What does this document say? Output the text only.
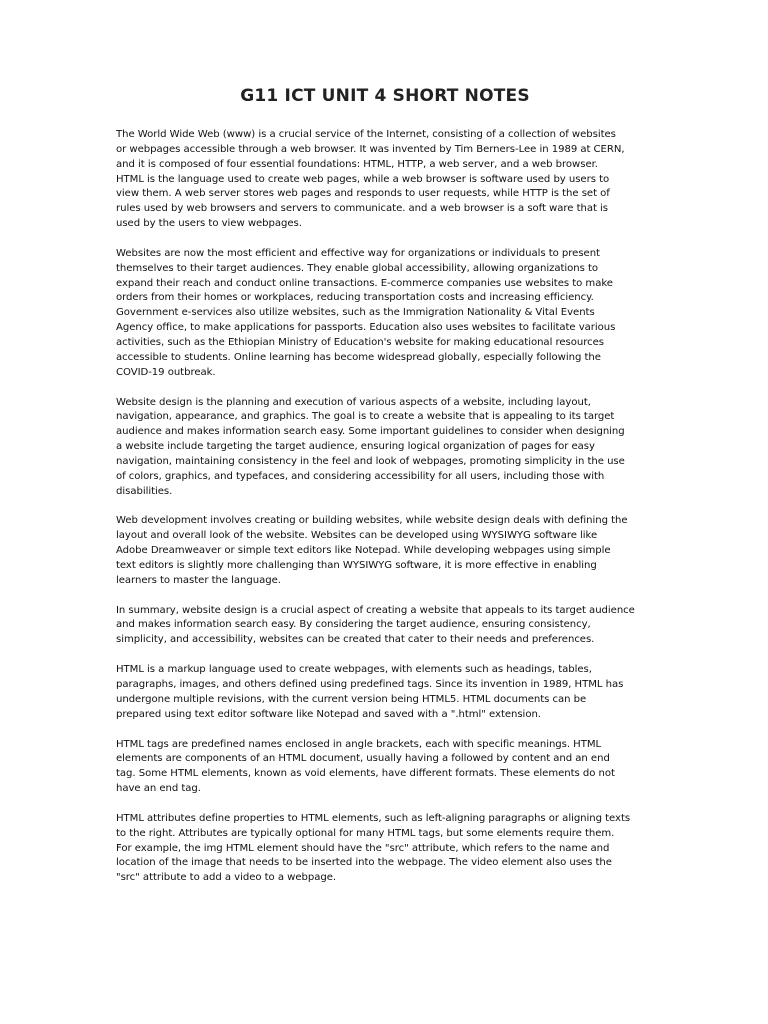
G11 ICT UNIT 4 SHORT NOTES

The World Wide Web (www) is a crucial service of the Internet, consisting of a collection of websites
or webpages accessible through a web browser. It was invented by Tim Berners-Lee in 1989 at CERN,
and it is composed of four essential foundations: HTML, HTTP, a web server, and a web browser.
HTML is the language used to create web pages, while a web browser is software used by users to
view them. A web server stores web pages and responds to user requests, while HTTP is the set of
rules used by web browsers and servers to communicate. and a web browser is a soft ware that is
used by the users to view webpages.

Websites are now the most efficient and effective way for organizations or individuals to present
themselves to their target audiences. They enable global accessibility, allowing organizations to
expand their reach and conduct online transactions. E-commerce companies use websites to make
orders from their homes or workplaces, reducing transportation costs and increasing efficiency.
Government e-services also utilize websites, such as the Immigration Nationality & Vital Events
Agency office, to make applications for passports. Education also uses websites to facilitate various
activities, such as the Ethiopian Ministry of Education's website for making educational resources
accessible to students. Online learning has become widespread globally, especially following the
COVID-19 outbreak.

Website design is the planning and execution of various aspects of a website, including layout,
navigation, appearance, and graphics. The goal is to create a website that is appealing to its target
audience and makes information search easy. Some important guidelines to consider when designing
a website include targeting the target audience, ensuring logical organization of pages for easy
navigation, maintaining consistency in the feel and look of webpages, promoting simplicity in the use
of colors, graphics, and typefaces, and considering accessibility for all users, including those with
disabilities.

Web development involves creating or building websites, while website design deals with defining the
layout and overall look of the website. Websites can be developed using WYSIWYG software like
Adobe Dreamweaver or simple text editors like Notepad. While developing webpages using simple
text editors is slightly more challenging than WYSIWYG software, it is more effective in enabling
learners to master the language.

In summary, website design is a crucial aspect of creating a website that appeals to its target audience
and makes information search easy. By considering the target audience, ensuring consistency,
simplicity, and accessibility, websites can be created that cater to their needs and preferences.

HTML is a markup language used to create webpages, with elements such as headings, tables,
paragraphs, images, and others defined using predefined tags. Since its invention in 1989, HTML has
undergone multiple revisions, with the current version being HTML5. HTML documents can be
prepared using text editor software like Notepad and saved with a ".html" extension.

HTML tags are predefined names enclosed in angle brackets, each with specific meanings. HTML
elements are components of an HTML document, usually having a followed by content and an end
tag. Some HTML elements, known as void elements, have different formats. These elements do not
have an end tag.

HTML attributes define properties to HTML elements, such as left-aligning paragraphs or aligning texts
to the right. Attributes are typically optional for many HTML tags, but some elements require them.
For example, the img HTML element should have the "src" attribute, which refers to the name and
location of the image that needs to be inserted into the webpage. The video element also uses the
"src" attribute to add a video to a webpage.
